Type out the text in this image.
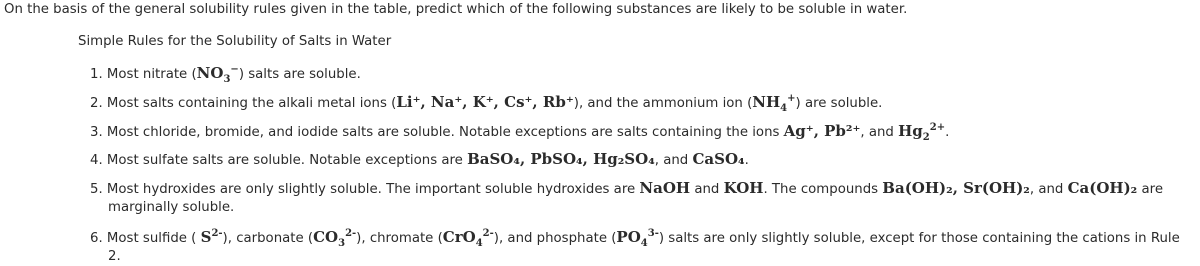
On the basis of the general solubility rules given in the table, predict which of the following substances are likely to be soluble in water.
Simple Rules for the Solubility of Salts in Water
1. Most nitrate $(NO_3^-)$ salts are soluble.
2. Most salts containing the alkali metal ions (Li⁺, Na⁺, K⁺, Cs⁺, Rb⁺), and the ammonium ion $(NH_4^+)$ are soluble.
3. Most chloride, bromide, and iodide salts are soluble. Notable exceptions are salts containing the ions Ag⁺, Pb²⁺, and $Hg_2^{2+}$.
4. Most sulfate salts are soluble. Notable exceptions are BaSO₄, PbSO₄, Hg₂SO₄, and CaSO₄.
5. Most hydroxides are only slightly soluble. The important soluble hydroxides are NaOH and KOH. The compounds Ba(OH)₂, Sr(OH)₂, and Ca(OH)₂ are
marginally soluble.
6. Most sulfide ( $S^{2-}$), carbonate $(CO_3^{2-})$, chromate (CrO$_4^{2-}$), and phosphate $(PO_4^{3-})$ salts are only slightly soluble, except for those containing the cations in Rule
2.
